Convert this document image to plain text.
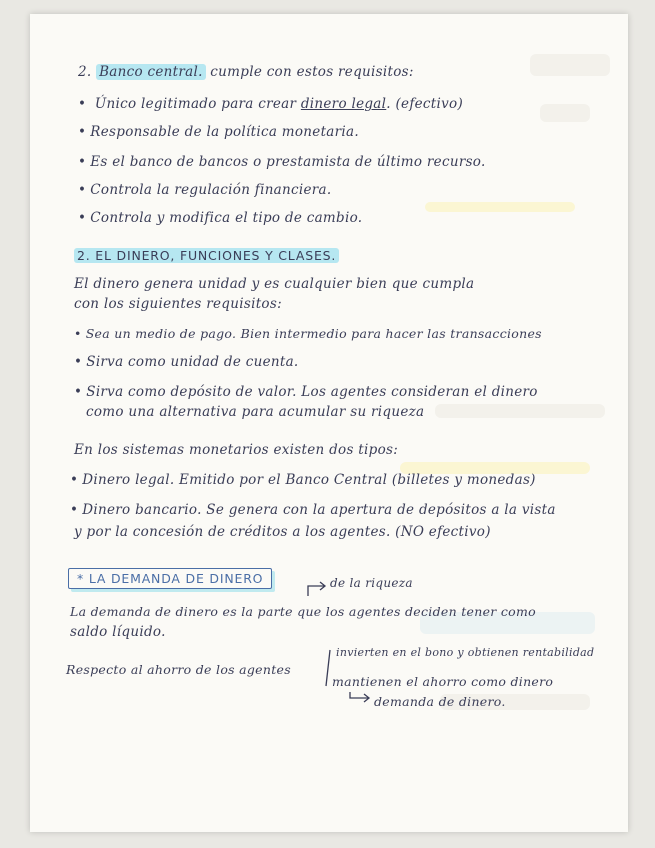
2. Banco central. cumple con estos requisitos:
• Único legitimado para crear dinero legal. (efectivo)
• Responsable de la política monetaria.
• Es el banco de bancos o prestamista de último recurso.
• Controla la regulación financiera.
• Controla y modifica el tipo de cambio.
2. EL DINERO, FUNCIONES Y CLASES.
El dinero genera unidad y es cualquier bien que cumpla
con los siguientes requisitos:
• Sea un medio de pago. Bien intermedio para hacer las transacciones
• Sirva como unidad de cuenta.
• Sirva como depósito de valor. Los agentes consideran el dinero
como una alternativa para acumular su riqueza
En los sistemas monetarios existen dos tipos:
• Dinero legal. Emitido por el Banco Central (billetes y monedas)
• Dinero bancario. Se genera con la apertura de depósitos a la vista
y por la concesión de créditos a los agentes. (NO efectivo)
* LA DEMANDA DE DINERO	de la riqueza
La demanda de dinero es la parte que los agentes deciden tener como
saldo líquido.
Respecto al ahorro de los agentes
invierten en el bono y obtienen rentabilidad
mantienen el ahorro como dinero
demanda de dinero.
